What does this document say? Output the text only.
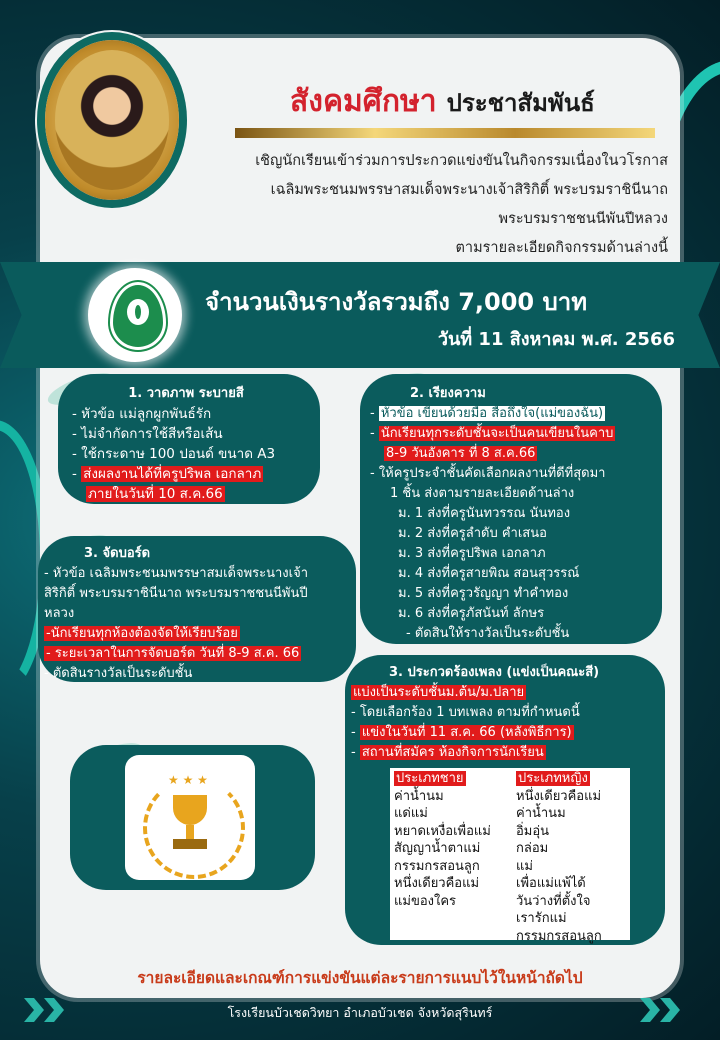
สังคมศึกษา ประชาสัมพันธ์
เชิญนักเรียนเข้าร่วมการประกวดแข่งขันในกิจกรรมเนื่องในวโรกาส
เฉลิมพระชนมพรรษาสมเด็จพระนางเจ้าสิริกิติ์ พระบรมราชินีนาถ
พระบรมราชชนนีพันปีหลวง
ตามรายละเอียดกิจกรรมด้านล่างนี้
จำนวนเงินรางวัลรวมถึง 7,000 บาท
วันที่ 11 สิงหาคม พ.ศ. 2566
1. วาดภาพ ระบายสี
- หัวข้อ แม่ลูกผูกพันธ์รัก
- ไม่จำกัดการใช้สีหรือเส้น
- ใช้กระดาษ 100 ปอนด์ ขนาด A3
- ส่งผลงานได้ที่ครูปริพล เอกลาภ
ภายในวันที่ 10 ส.ค.66
2. เรียงความ
- หัวข้อ เขียนด้วยมือ สื่อถึงใจ(แม่ของฉัน)
- นักเรียนทุกระดับชั้นจะเป็นคนเขียนในคาบ
8-9 วันอังคาร ที่ 8 ส.ค.66
- ให้ครูประจำชั้นคัดเลือกผลงานที่ดีที่สุดมา
1 ชิ้น ส่งตามรายละเอียดด้านล่าง
ม. 1 ส่งที่ครูนันทวรรณ นันทอง
ม. 2 ส่งที่ครูลำดับ คำเสนอ
ม. 3 ส่งที่ครูปริพล เอกลาภ
ม. 4 ส่งที่ครูสายพิณ สอนสุวรรณ์
ม. 5 ส่งที่ครูวรัญญา ทำคำทอง
ม. 6 ส่งที่ครูภัสนันท์ ลักษร
- ตัดสินให้รางวัลเป็นระดับชั้น
3. จัดบอร์ด
- หัวข้อ เฉลิมพระชนมพรรษาสมเด็จพระนางเจ้า
สิริกิติ์ พระบรมราชินีนาถ พระบรมราชชนนีพันปี
หลวง
-นักเรียนทุกห้องต้องจัดให้เรียบร้อย
- ระยะเวลาในการจัดบอร์ด วันที่ 8-9 ส.ค. 66
- ตัดสินรางวัลเป็นระดับชั้น	3. ประกวดร้องเพลง (แข่งเป็นคณะสี)
แบ่งเป็นระดับชั้นม.ต้น/ม.ปลาย
- โดยเลือกร้อง 1 บทเพลง ตามที่กำหนดนี้
- แข่งในวันที่ 11 ส.ค. 66 (หลังพิธีการ)
- สถานที่สมัคร ห้องกิจการนักเรียน
ประเภทชาย
ค่าน้ำนม
แด่แม่
หยาดเหงื่อเพื่อแม่
สัญญาน้ำตาแม่
กรรมกรสอนลูก
หนึ่งเดียวคือแม่
แม่ของใคร
ประเภทหญิง
หนึ่งเดียวคือแม่
ค่าน้ำนม
อิ่มอุ่น
กล่อม
แม่
เพื่อแม่แพ้ได้
วันว่างที่ตั้งใจ
เรารักแม่
กรรมกรสอนลูก
★ ★ ★
รายละเอียดและเกณฑ์การแข่งขันแต่ละรายการแนบไว้ในหน้าถัดไป
โรงเรียนบัวเชดวิทยา อำเภอบัวเชด จังหวัดสุรินทร์
